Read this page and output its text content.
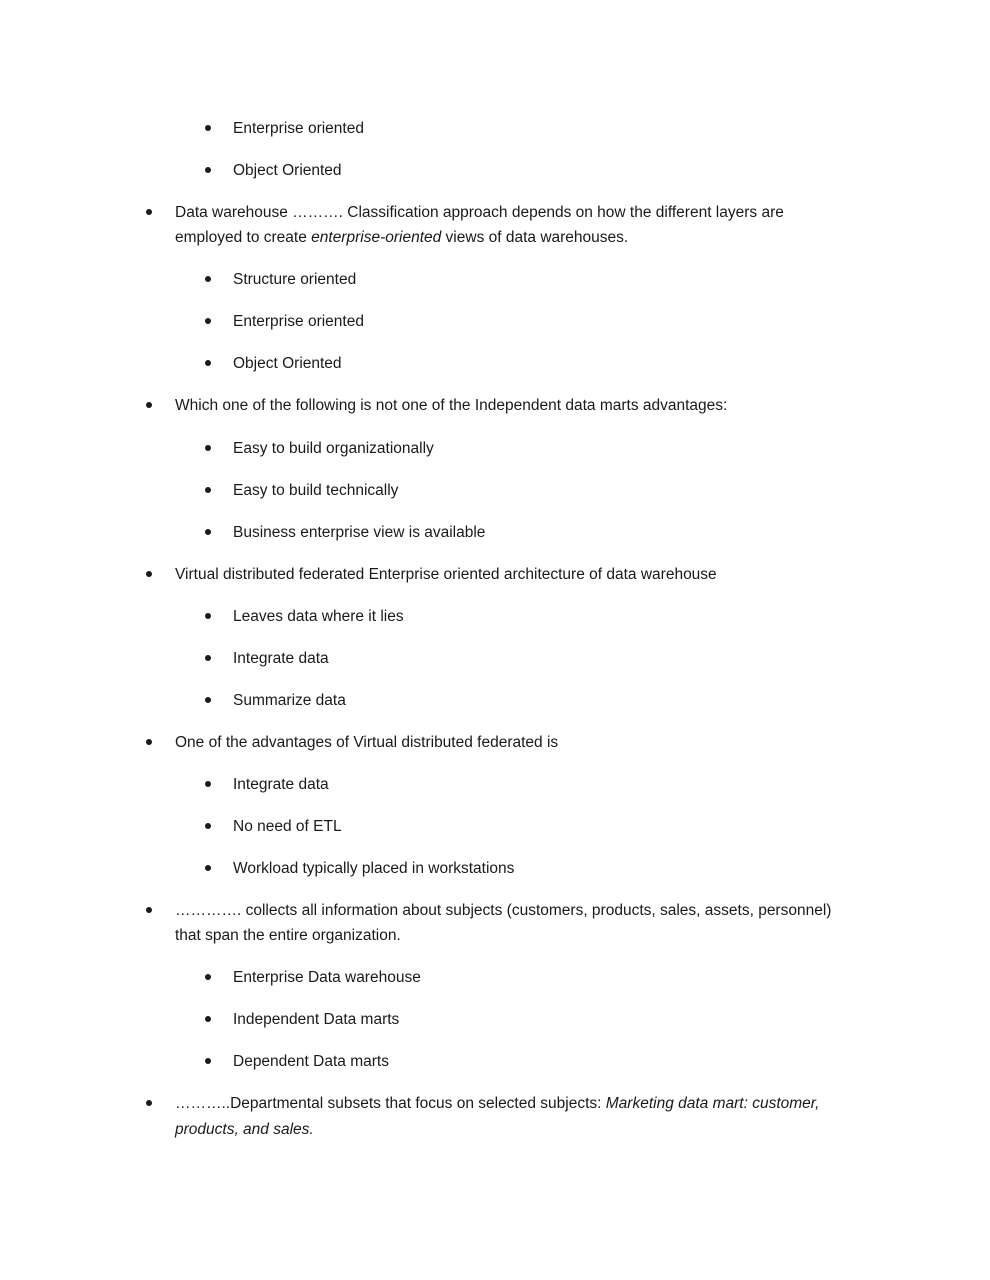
Enterprise oriented
Object Oriented
Data warehouse ………. Classification approach depends on how the different layers are
employed to create enterprise-oriented views of data warehouses.
Structure oriented
Enterprise oriented
Object Oriented
Which one of the following is not one of the Independent data marts advantages:
Easy to build organizationally
Easy to build technically
Business enterprise view is available
Virtual distributed federated Enterprise oriented architecture of data warehouse
Leaves data where it lies
Integrate data
Summarize data
One of the advantages of Virtual distributed federated is
Integrate data
No need of ETL
Workload typically placed in workstations
…………. collects all information about subjects (customers, products, sales, assets, personnel)
that span the entire organization.
Enterprise Data warehouse
Independent Data marts
Dependent Data marts
………..Departmental subsets that focus on selected subjects: Marketing data mart: customer,
products, and sales.
